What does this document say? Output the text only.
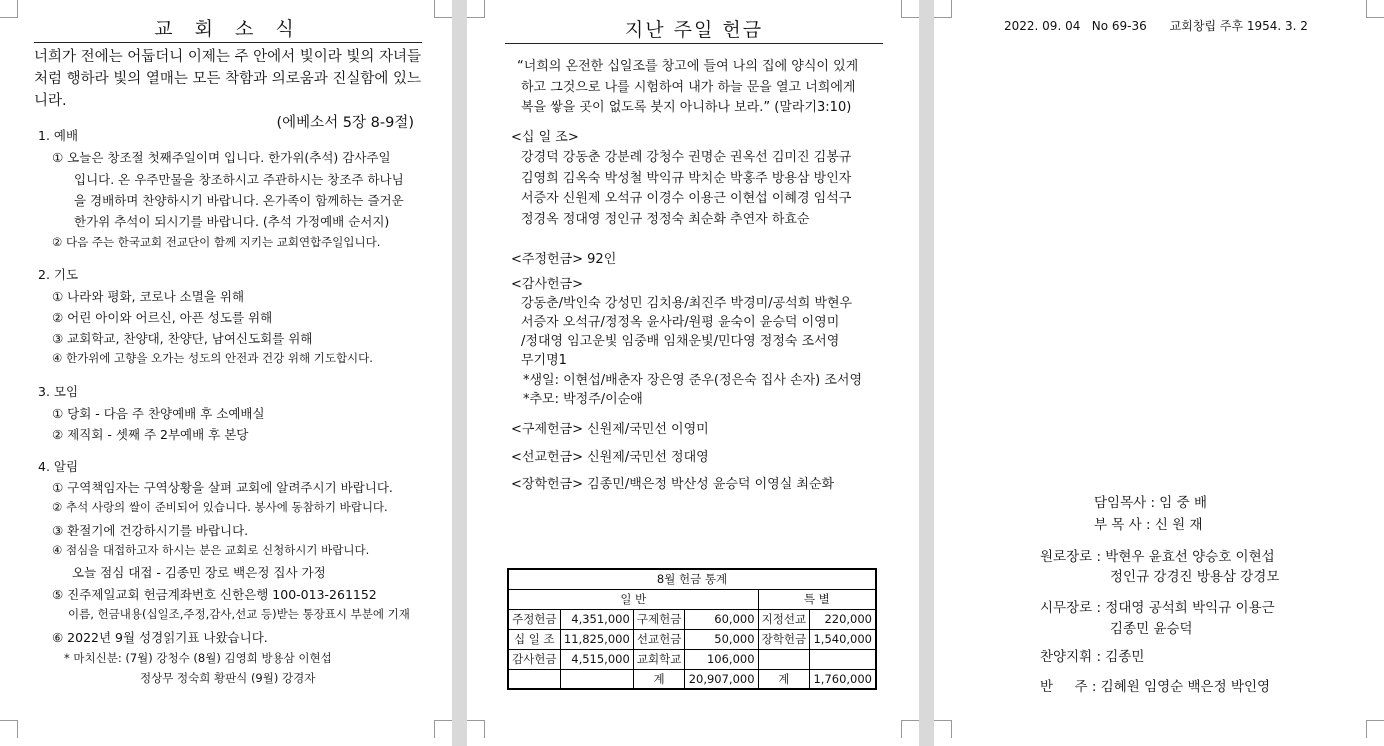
교 회 소 식
너희가 전에는 어둡더니 이제는 주 안에서 빛이라 빛의 자녀들처럼 행하라 빛의 열매는 모든 착함과 의로움과 진실함에 있느니라.
(에베소서 5장 8-9절)
1. 예배
① 오늘은 창조절 첫째주일이며 입니다. 한가위(추석) 감사주일
입니다. 온 우주만물을 창조하시고 주관하시는 창조주 하나님
을 경배하며 찬양하시기 바랍니다. 온가족이 함께하는 즐거운
한가위 추석이 되시기를 바랍니다. (추석 가정예배 순서지)
② 다음 주는 한국교회 전교단이 함께 지키는 교회연합주일입니다.
2. 기도
① 나라와 평화, 코로나 소멸을 위해
② 어린 아이와 어르신, 아픈 성도를 위해
③ 교회학교, 찬양대, 찬양단, 남여신도회를 위해
④ 한가위에 고향을 오가는 성도의 안전과 건강 위해 기도합시다.
3. 모임
① 당회 - 다음 주 찬양예배 후 소예배실
② 제직회 - 셋째 주 2부예배 후 본당
4. 알림
① 구역책임자는 구역상황을 살펴 교회에 알려주시기 바랍니다.
② 추석 사랑의 쌀이 준비되어 있습니다. 봉사에 동참하기 바랍니다.
③ 환절기에 건강하시기를 바랍니다.
④ 점심을 대접하고자 하시는 분은 교회로 신청하시기 바랍니다.
오늘 점심 대접 - 김종민 장로 백은정 집사 가정
⑤ 진주제일교회 헌금계좌번호 신한은행 100-013-261152
이름, 헌금내용(십일조,주정,감사,선교 등)받는 통장표시 부분에 기재
⑥ 2022년 9월 성경읽기표 나왔습니다.
* 마치신분: (7월) 강청수 (8월) 김영희 방용삼 이현섭
정상무 정숙희 황판식 (9월) 강경자
지난 주일 헌금
“너희의 온전한 십일조를 창고에 들여 나의 집에 양식이 있게
하고 그것으로 나를 시험하여 내가 하늘 문을 열고 너희에게
복을 쌓을 곳이 없도록 붓지 아니하나 보라.” (말라기3:10)
<십 일 조>
강경덕 강동춘 강분례 강청수 권명순 권옥선 김미진 김봉규
김영희 김옥숙 박성철 박익규 박치순 박홍주 방용삼 방인자
서증자 신원제 오석규 이경수 이용근 이현섭 이혜경 임석구
정경옥 정대영 정인규 정정숙 최순화 추연자 하효순
<주정헌금> 92인
<감사헌금>
강동춘/박인숙 강성민 김치용/최진주 박경미/공석희 박현우
서증자 오석규/정정옥 윤사라/원평 윤숙이 윤승덕 이영미
/정대영 임고운빛 임중배 임채운빛/민다영 정정숙 조서영
무기명1
*생일: 이현섭/배춘자 장은영 준우(정은숙 집사 손자) 조서영
*추모: 박정주/이순애
<구제헌금> 신원제/국민선 이영미
<선교헌금> 신원제/국민선 정대영
<장학헌금> 김종민/백은정 박산성 윤승덕 이영실 최순화
8월 헌금 통계					
일 반				특 별	
주정헌금	4,351,000	구제헌금	60,000	지정선교	220,000
십 일 조	11,825,000	선교헌금	50,000	장학헌금	1,540,000
감사헌금	4,515,000	교회학교	106,000		
		계	20,907,000	계	1,760,000
2022. 09. 04   No 69-36      교회창립 주후 1954. 3. 2
담임목사 : 임 중 배
부 목 사 : 신 원 재
원로장로 : 박현우 윤효선 양승호 이현섭
정인규 강경진 방용삼 강경모
시무장로 : 정대영 공석희 박익규 이용근
김종민 윤승덕
찬양지휘 : 김종민
반     주 : 김혜원 임영순 백은정 박인영
